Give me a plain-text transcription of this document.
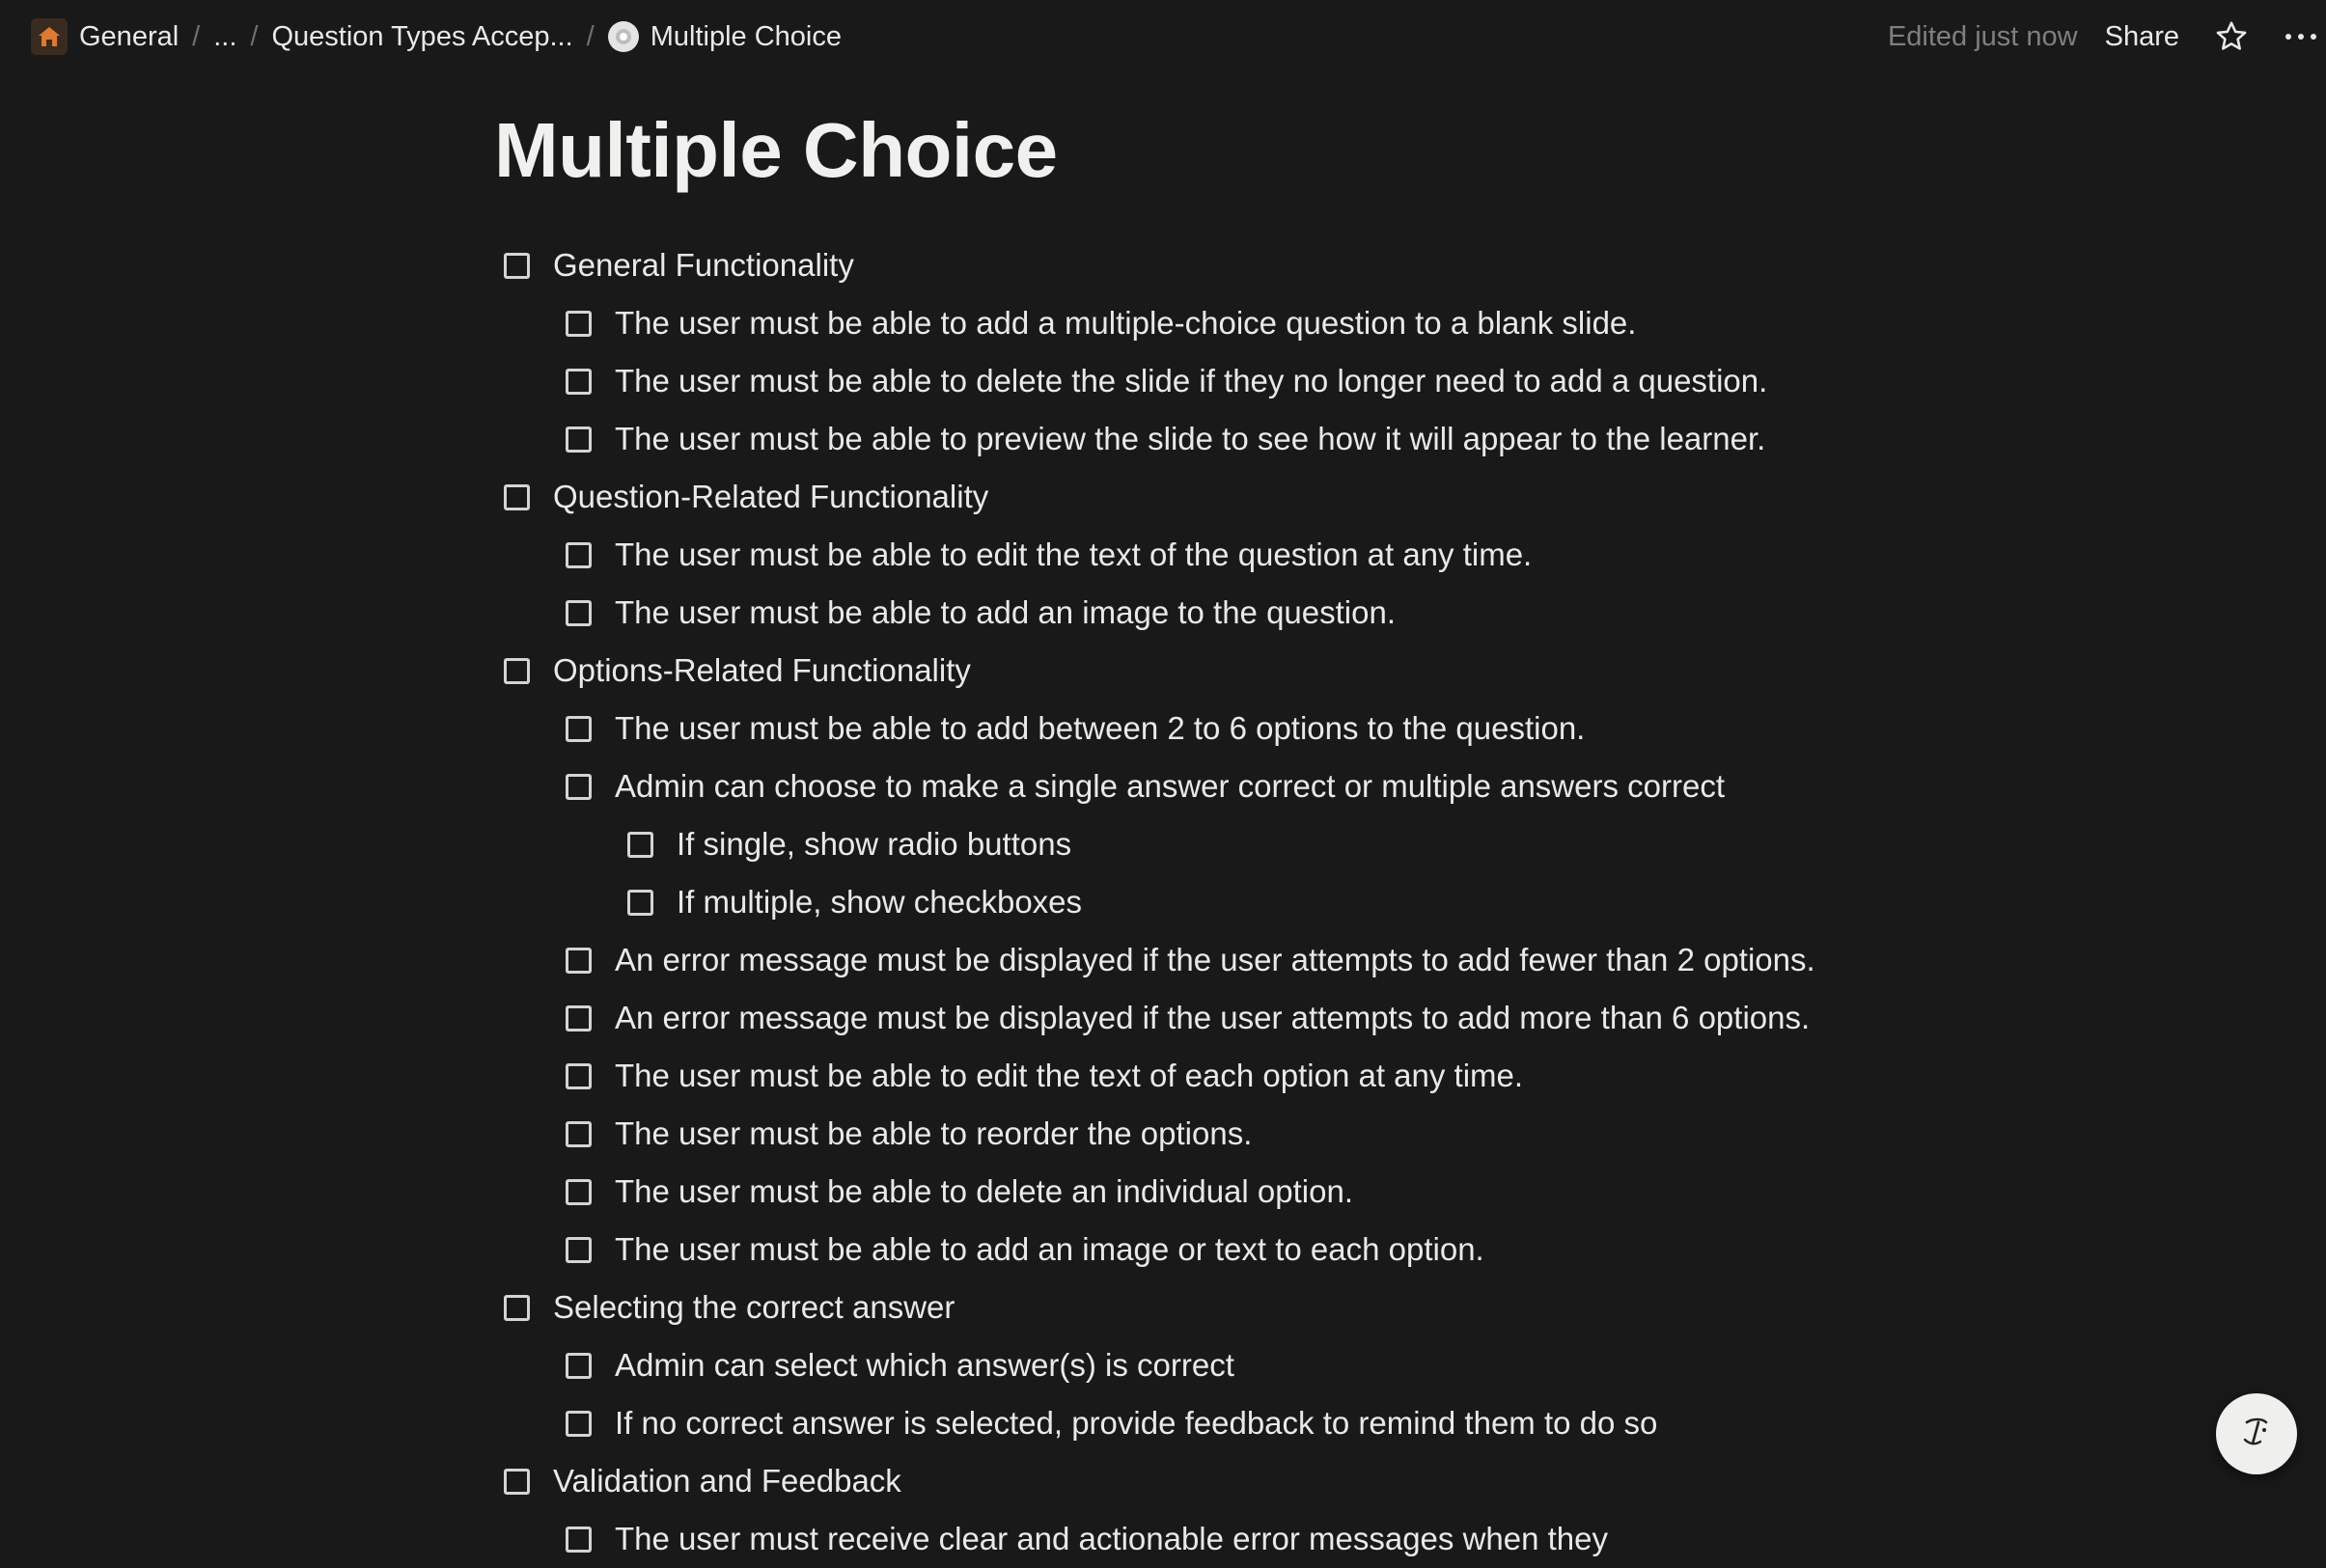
General / ... / Question Types Accep... / Multiple Choice	Edited just now Share
Multiple Choice
General Functionality
The user must be able to add a multiple-choice question to a blank slide.
The user must be able to delete the slide if they no longer need to add a question.
The user must be able to preview the slide to see how it will appear to the learner.
Question-Related Functionality
The user must be able to edit the text of the question at any time.
The user must be able to add an image to the question.
Options-Related Functionality
The user must be able to add between 2 to 6 options to the question.
Admin can choose to make a single answer correct or multiple answers correct
If single, show radio buttons
If multiple, show checkboxes
An error message must be displayed if the user attempts to add fewer than 2 options.
An error message must be displayed if the user attempts to add more than 6 options.
The user must be able to edit the text of each option at any time.
The user must be able to reorder the options.
The user must be able to delete an individual option.
The user must be able to add an image or text to each option.
Selecting the correct answer
Admin can select which answer(s) is correct
If no correct answer is selected, provide feedback to remind them to do so
Validation and Feedback
The user must receive clear and actionable error messages when they
